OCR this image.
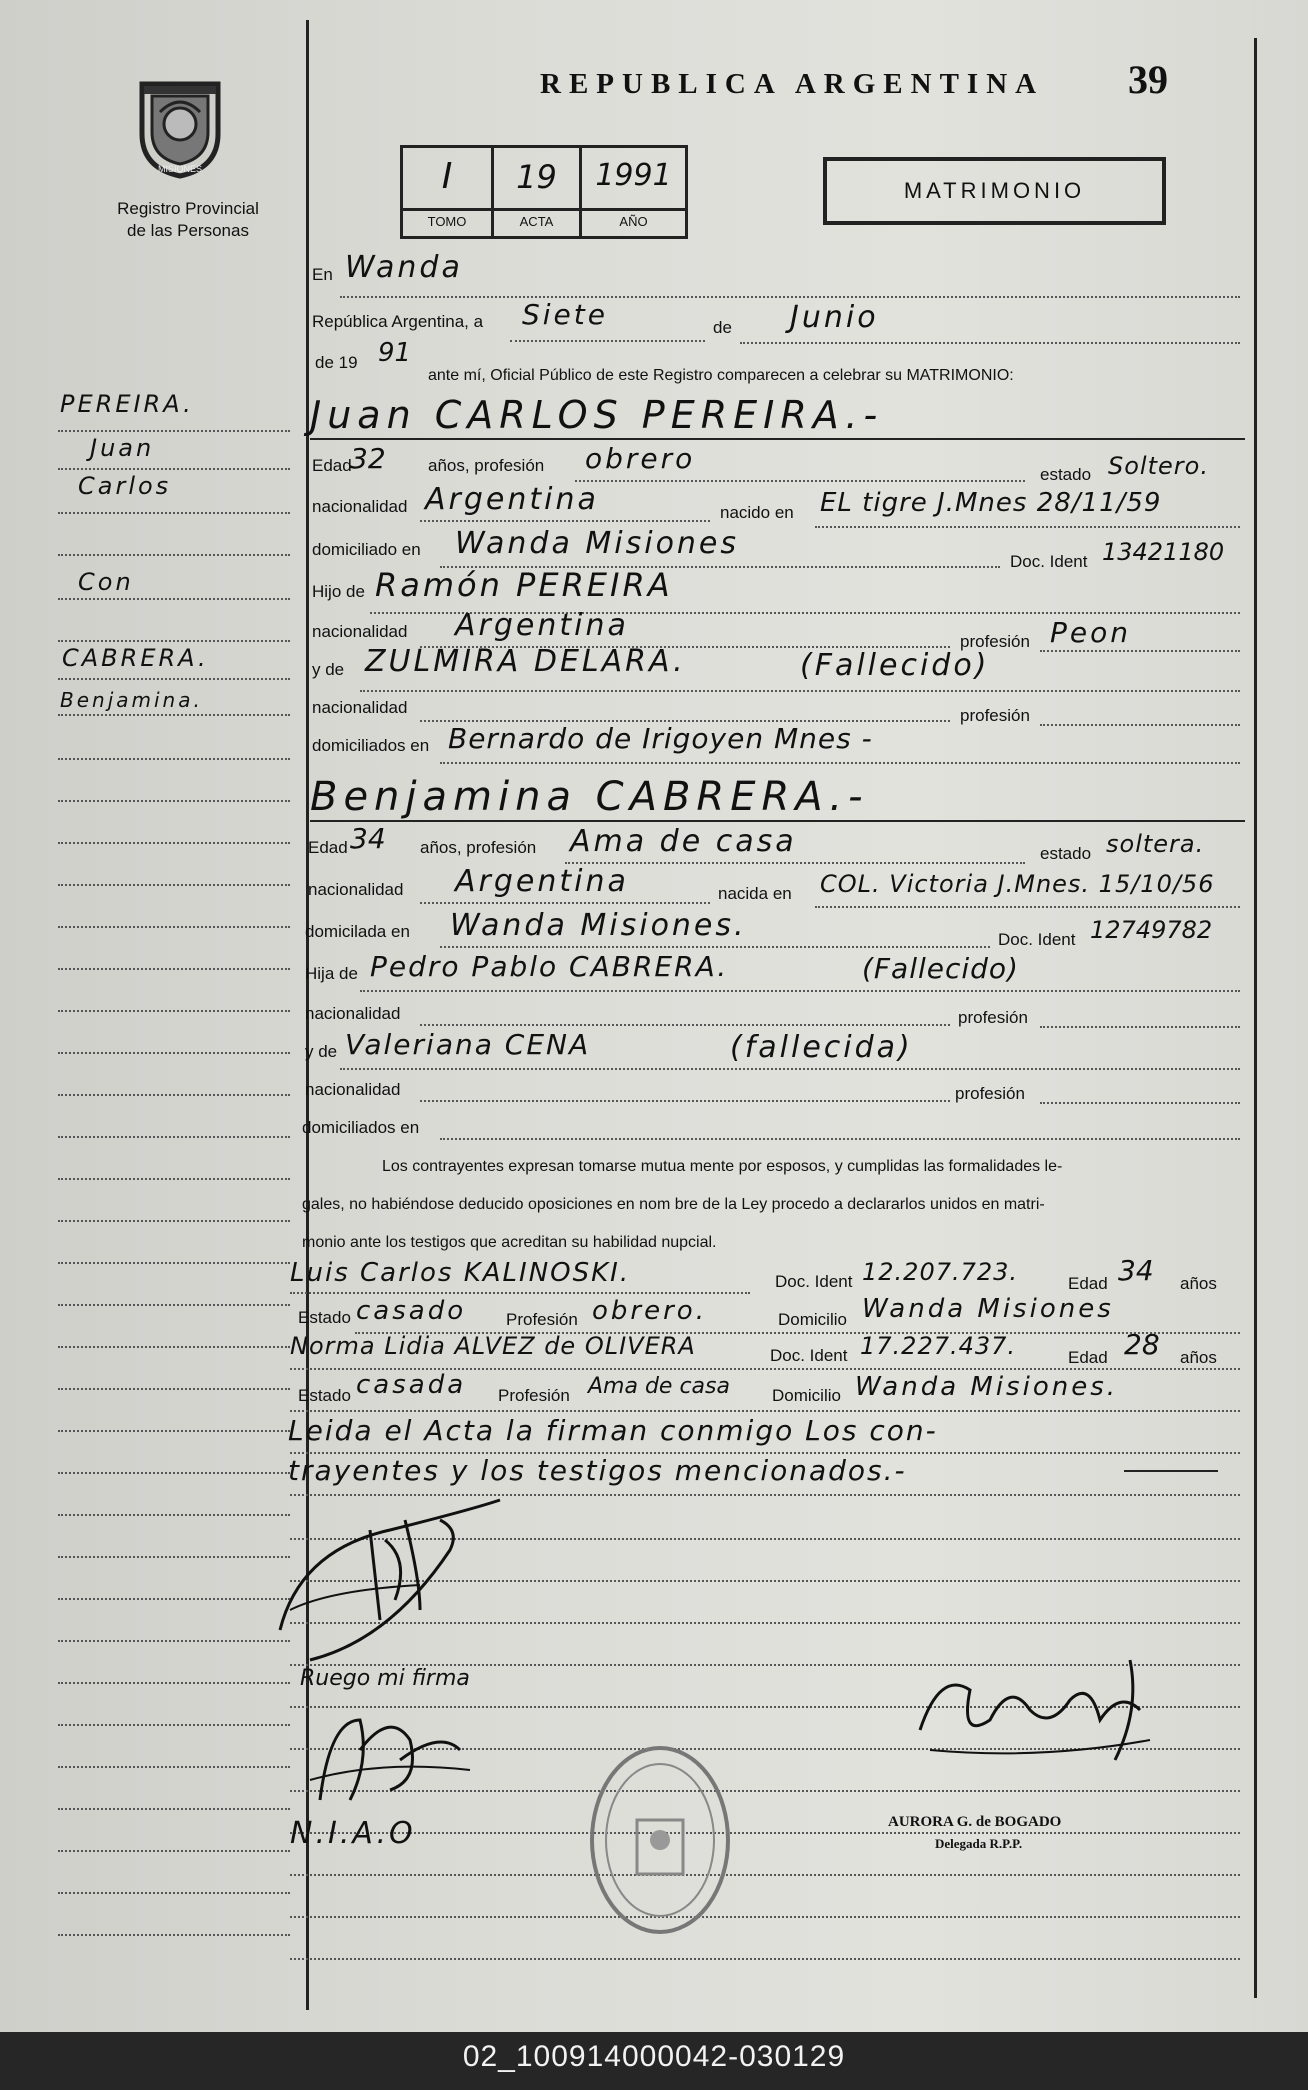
MISIONES
Registro Provincial
de las Personas
REPUBLICA ARGENTINA 39
I	19	1991
TOMO	ACTA	AÑO
MATRIMONIO
PEREIRA.
Juan
Carlos
Con
CABRERA.
Benjamina.
En Wanda
República Argentina, a Siete	de Junio
de 19 91
ante mí, Oficial Público de este Registro comparecen a celebrar su MATRIMONIO:
Juan CARLOS PEREIRA.-
Edad
32 años, profesión obrero	estado Soltero.
nacionalidad Argentina	nacido en EL tigre J.Mnes 28/11/59
domiciliado en Wanda Misiones
Doc. Ident 13421180
Hijo de Ramón PEREIRA
nacionalidad Argentina	profesión Peon
y de ZULMIRA DELARA.	(Fallecido)
nacionalidad	profesión
domiciliados en Bernardo de Irigoyen Mnes -
Benjamina CABRERA.-
Edad 34 años, profesión Ama de casa	estado soltera.
nacionalidad Argentina	nacida en COL. Victoria J.Mnes. 15/10/56
domicilada en Wanda Misiones.	Doc. Ident 12749782
Hija de Pedro Pablo CABRERA.	(Fallecido)
nacionalidad	profesión
y de Valeriana CENA	(fallecida)
nacionalidad	profesión
domiciliados en
Los contrayentes expresan tomarse mutua mente por esposos, y cumplidas las formalidades le-
gales, no habiéndose deducido oposiciones en nom bre de la Ley procedo a declararlos unidos en matri-
monio ante los testigos que acreditan su habilidad nupcial.
Luis Carlos KALINOSKI.	Doc. Ident 12.207.723.	Edad 34 años
Estado casado Profesión obrero.	Domicilio Wanda Misiones
Norma Lidia ALVEZ de OLIVERA	Doc. Ident 17.227.437.	Edad 28 años
Estado casada Profesión Ama de casa Domicilio Wanda Misiones.
Leida el Acta la firman conmigo Los con-
trayentes y los testigos mencionados.-
Ruego mi firma
N.I.A.O	AURORA G. de BOGADO
Delegada R.P.P.
02_100914000042-030129
